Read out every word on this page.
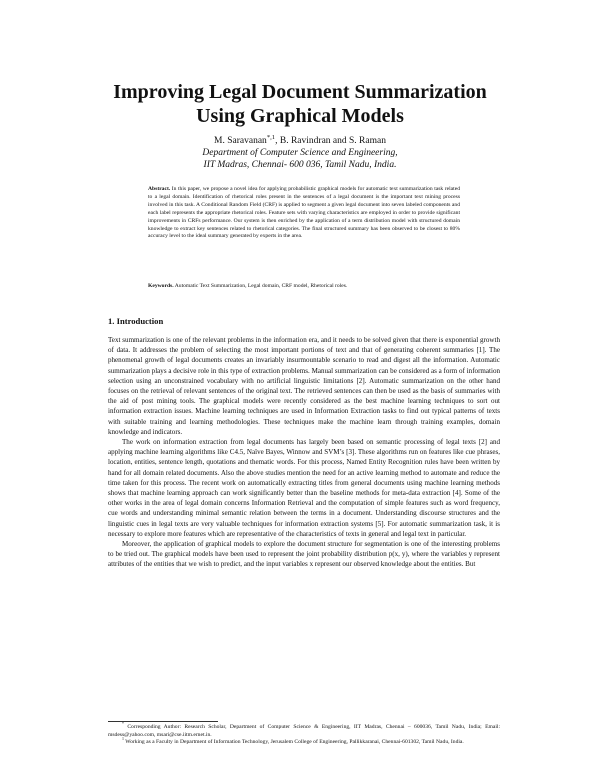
Improving Legal Document Summarization
Using Graphical Models
M. Saravanan$^{*,1}$, B. Ravindran and S. Raman
Department of Computer Science and Engineering,
IIT Madras, Chennai- 600 036, Tamil Nadu, India.
Abstract. In this paper, we propose a novel idea for applying probabilistic graphical models for automatic text summarization task related to a legal domain. Identification of rhetorical roles present in the sentences of a legal document is the important text mining process involved in this task. A Conditional Random Field (CRF) is applied to segment a given legal document into seven labeled components and each label represents the appropriate rhetorical roles. Feature sets with varying characteristics are employed in order to provide significant improvements in CRFs performance. Our system is then enriched by the application of a term distribution model with structured domain knowledge to extract key sentences related to rhetorical categories. The final structured summary has been observed to be closest to 80% accuracy level to the ideal summary generated by experts in the area.
Keywords. Automatic Text Summarization, Legal domain, CRF model, Rhetorical roles.
1. Introduction

Text summarization is one of the relevant problems in the information era, and it needs to be solved given that there is exponential growth of data. It addresses the problem of selecting the most important portions of text and that of generating coherent summaries [1]. The phenomenal growth of legal documents creates an invariably insurmountable scenario to read and digest all the information. Automatic summarization plays a decisive role in this type of extraction problems. Manual summarization can be considered as a form of information selection using an unconstrained vocabulary with no artificial linguistic limitations [2]. Automatic summarization on the other hand focuses on the retrieval of relevant sentences of the original text. The retrieved sentences can then be used as the basis of summaries with the aid of post mining tools. The graphical models were recently considered as the best machine learning techniques to sort out information extraction issues. Machine learning techniques are used in Information Extraction tasks to find out typical patterns of texts with suitable training and learning methodologies. These techniques make the machine learn through training examples, domain knowledge and indicators.

The work on information extraction from legal documents has largely been based on semantic processing of legal texts [2] and applying machine learning algorithms like C4.5, Naïve Bayes, Winnow and SVM’s [3]. These algorithms run on features like cue phrases, location, entities, sentence length, quotations and thematic words. For this process, Named Entity Recognition rules have been written by hand for all domain related documents. Also the above studies mention the need for an active learning method to automate and reduce the time taken for this process. The recent work on automatically extracting titles from general documents using machine learning methods shows that machine learning approach can work significantly better than the baseline methods for meta-data extraction [4]. Some of the other works in the area of legal domain concerns Information Retrieval and the computation of simple features such as word frequency, cue words and understanding minimal semantic relation between the terms in a document. Understanding discourse structures and the linguistic cues in legal texts are very valuable techniques for information extraction systems [5]. For automatic summarization task, it is necessary to explore more features which are representative of the characteristics of texts in general and legal text in particular.

Moreover, the application of graphical models to explore the document structure for segmentation is one of the interesting problems to be tried out. The graphical models have been used to represent the joint probability distribution p(x, y), where the variables y represent attributes of the entities that we wish to predict, and the input variables x represent our observed knowledge about the entities. But

* Corresponding Author: Research Scholar, Department of Computer Science & Engineering, IIT Madras, Chennai – 600036, Tamil Nadu, India; Email: msdess@yahoo.com, msari@cse.iitm.ernet.in.

$^1$ Working as a Faculty in Department of Information Technology, Jerusalem College of Engineering, Pallikkaranai, Chennai-601302, Tamil Nadu, India.
